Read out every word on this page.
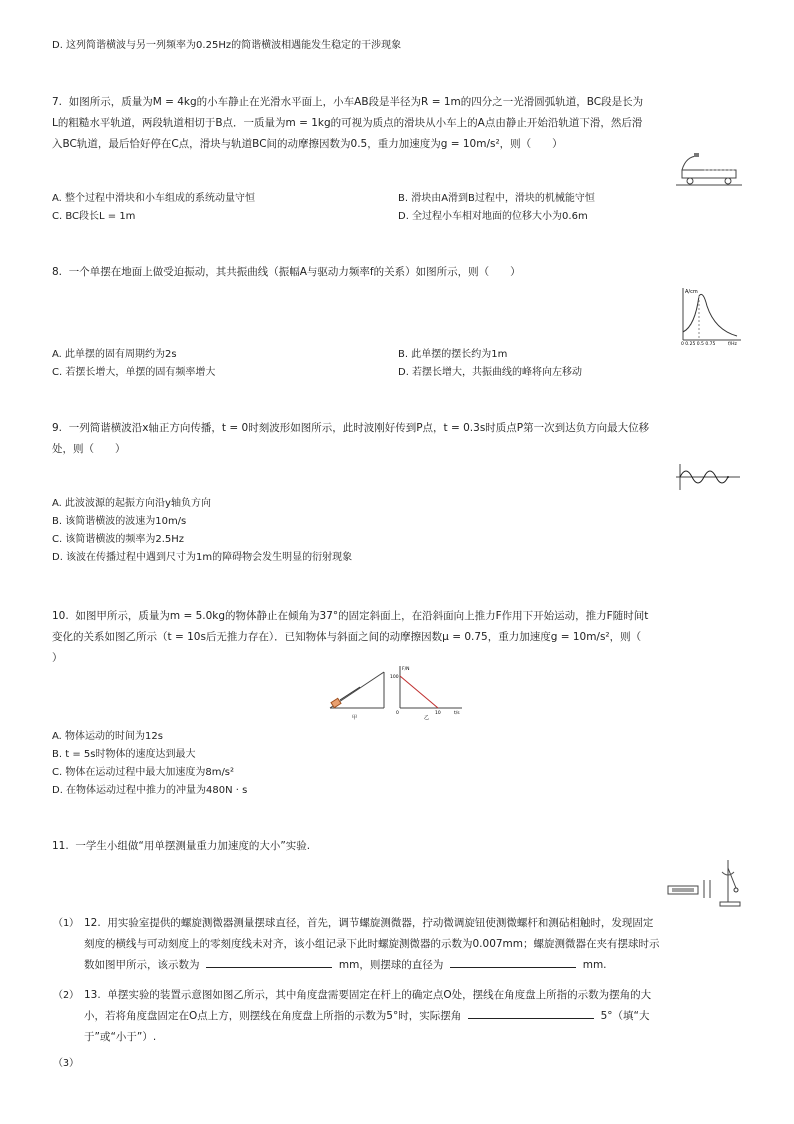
D. 这列简谐横波与另一列频率为0.25Hz的简谐横波相遇能发生稳定的干涉现象
7. 如图所示，质量为M = 4kg的小车静止在光滑水平面上，小车AB段是半径为R = 1m的四分之一光滑圆弧轨道，BC段是长为
L的粗糙水平轨道，两段轨道相切于B点．一质量为m = 1kg的可视为质点的滑块从小车上的A点由静止开始沿轨道下滑，然后滑
入BC轨道，最后恰好停在C点，滑块与轨道BC间的动摩擦因数为0.5，重力加速度为g = 10m/s²，则（　　）
A. 整个过程中滑块和小车组成的系统动量守恒	B. 滑块由A滑到B过程中，滑块的机械能守恒
C. BC段长L = 1m	D. 全过程小车相对地面的位移大小为0.6m
8. 一个单摆在地面上做受迫振动，其共振曲线（振幅A与驱动力频率f的关系）如图所示，则（　　）
A/cm
f/Hz
0 0.25 0.5 0.75
A. 此单摆的固有周期约为2s	B. 此单摆的摆长约为1m
C. 若摆长增大，单摆的固有频率增大	D. 若摆长增大，共振曲线的峰将向左移动
9. 一列简谐横波沿x轴正方向传播，t = 0时刻波形如图所示，此时波刚好传到P点，t = 0.3s时质点P第一次到达负方向最大位移
处，则（　　）
A. 此波波源的起振方向沿y轴负方向
B. 该简谐横波的波速为10m/s
C. 该简谐横波的频率为2.5Hz
D. 该波在传播过程中遇到尺寸为1m的障碍物会发生明显的衍射现象
10. 如图甲所示，质量为m = 5.0kg的物体静止在倾角为37°的固定斜面上，在沿斜面向上推力F作用下开始运动，推力F随时间t
变化的关系如图乙所示（t = 10s后无推力存在）．已知物体与斜面之间的动摩擦因数μ = 0.75，重力加速度g = 10m/s²，则（
）
甲
F/N
100
0	10	t/s
乙
A. 物体运动的时间为12s
B. t = 5s时物体的速度达到最大
C. 物体在运动过程中最大加速度为8m/s²
D. 在物体运动过程中推力的冲量为480N · s
11. 一学生小组做“用单摆测量重力加速度的大小”实验.
（1） 12. 用实验室提供的螺旋测微器测量摆球直径，首先，调节螺旋测微器，拧动微调旋钮使测微螺杆和测砧相触时，发现固定
刻度的横线与可动刻度上的零刻度线未对齐，该小组记录下此时螺旋测微器的示数为0.007mm；螺旋测微器在夹有摆球时示
数如图甲所示，该示数为	mm，则摆球的直径为	mm.
（2） 13. 单摆实验的装置示意图如图乙所示，其中角度盘需要固定在杆上的确定点O处，摆线在角度盘上所指的示数为摆角的大
小，若将角度盘固定在O点上方，则摆线在角度盘上所指的示数为5°时，实际摆角	5°（填“大
于”或“小于”）.
（3）
